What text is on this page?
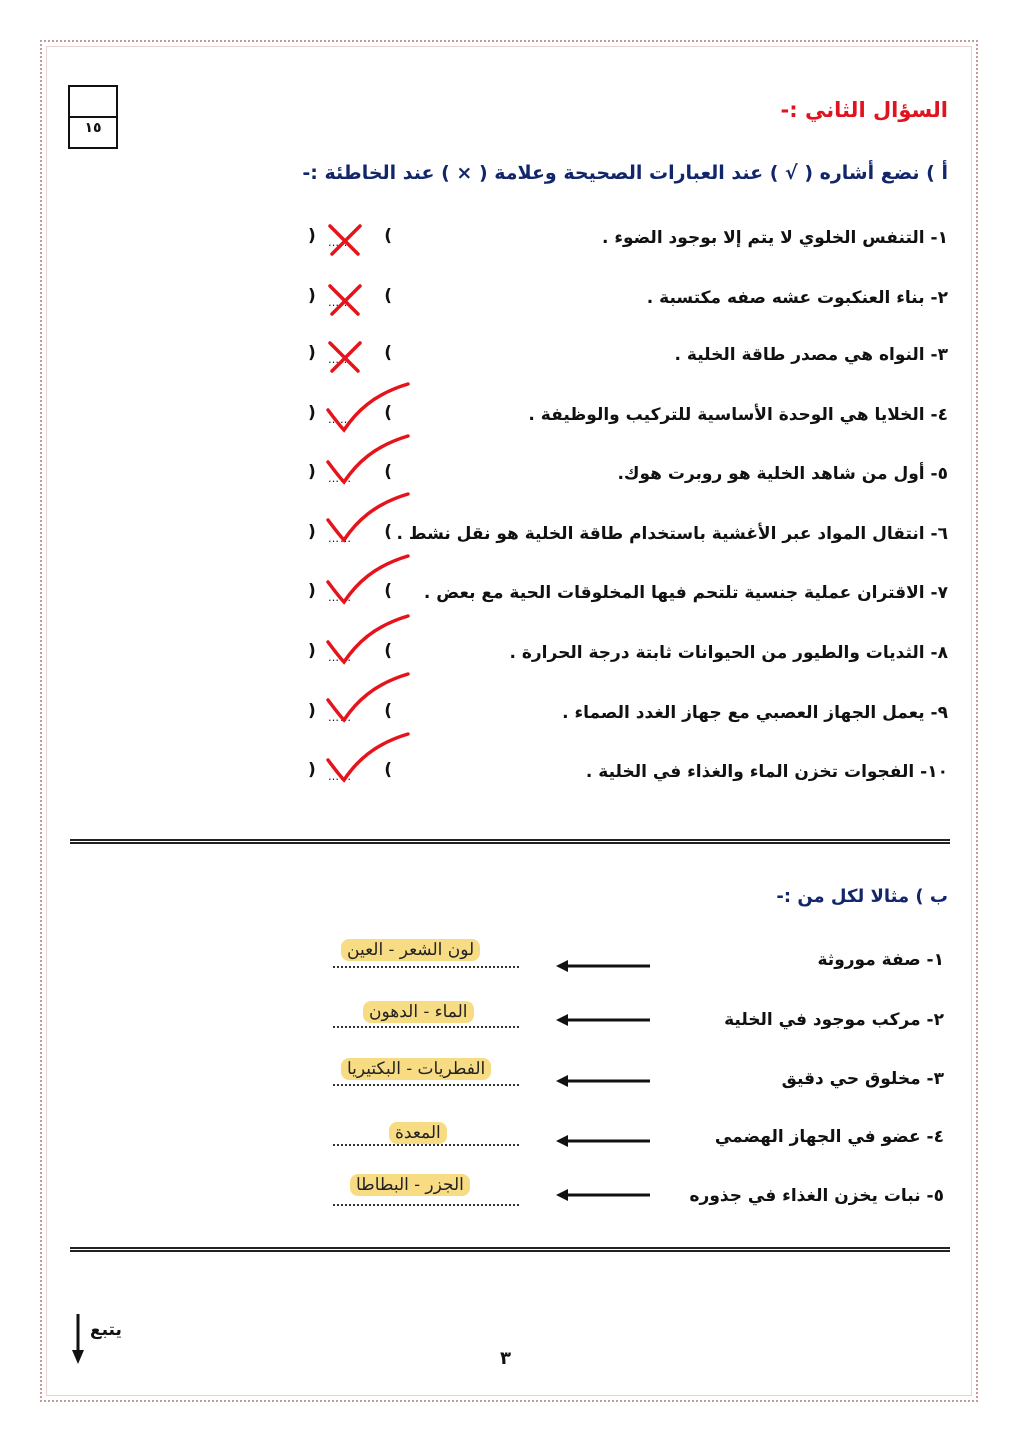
١٥
السؤال الثاني :-
أ ) نضع أشاره ( √ ) عند العبارات الصحيحة وعلامة ( × ) عند الخاطئة :-
١- التنفس الخلوي لا يتم إلا بوجود الضوء .
٢- بناء العنكبوت عشه صفه مكتسبة .
٣- النواه هي مصدر طاقة الخلية .
٤- الخلايا هي الوحدة الأساسية للتركيب والوظيفة .
٥- أول من شاهد الخلية هو روبرت هوك.
٦- انتقال المواد عبر الأغشية باستخدام طاقة الخلية هو نقل نشط .
٧- الاقتران عملية جنسية تلتحم فيها المخلوقات الحية مع بعض .
٨- الثديات والطيور من الحيوانات ثابتة درجة الحرارة .
٩- يعمل الجهاز العصبي مع جهاز الغدد الصماء .
١٠- الفجوات تخزن الماء والغذاء في الخلية .
(
……
)
(
……
)
(
……
)
(
……
)
(
……
)
(
……
)
(
……
)
(
……
)
(
……
)
(
……
)
ب ) مثالا لكل من :-
١- صفة موروثة
٢- مركب موجود في الخلية
٣- مخلوق حي دقيق
٤- عضو في الجهاز الهضمي
٥- نبات يخزن الغذاء في جذوره
لون الشعر - العين
الماء - الدهون
الفطريات - البكتيريا
المعدة
الجزر - البطاطا
يتبع
٣
